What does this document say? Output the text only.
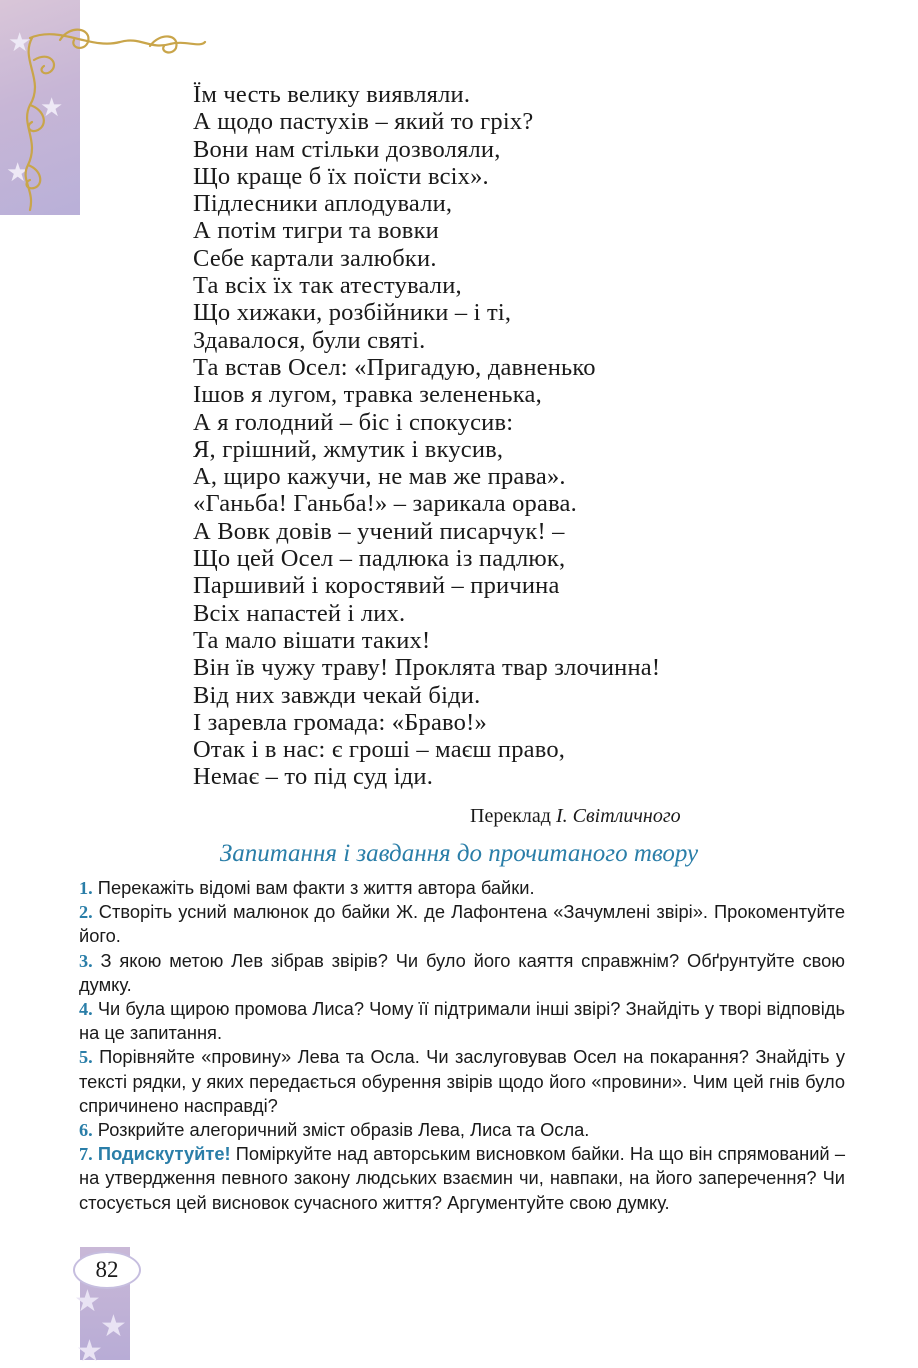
★
★
★
Їм честь велику виявляли.
А щодо пастухів – який то гріх?
Вони нам стільки дозволяли,
Що краще б їх поїсти всіх».
Підлесники аплодували,
А потім тигри та вовки
Себе картали залюбки.
Та всіх їх так атестували,
Що хижаки, розбійники – і ті,
Здавалося, були святі.
Та встав Осел: «Пригадую, давненько
Ішов я лугом, травка зелененька,
А я голодний – біс і спокусив:
Я, грішний, жмутик і вкусив,
А, щиро кажучи, не мав же права».
«Ганьба! Ганьба!» – зарикала орава.
А Вовк довів – учений писарчук! –
Що цей Осел – падлюка із падлюк,
Паршивий і коростявий – причина
Всіх напастей і лих.
Та мало вішати таких!
Він їв чужу траву! Проклята твар злочинна!
Від них завжди чекай біди.
І заревла громада: «Браво!»
Отак і в нас: є гроші – маєш право,
Немає – то під суд іди.
Переклад І. Світличного
Запитання і завдання до прочитаного твору

1. Перекажіть відомі вам факти з життя автора байки.

2. Створіть усний малюнок до байки Ж. де Лафонтена «Зачумлені звірі». Прокоментуйте його.

3. З якою метою Лев зібрав звірів? Чи було його каяття справжнім? Обґрунтуйте свою думку.

4. Чи була щирою промова Лиса? Чому її підтримали інші звірі? Знайдіть у творі відповідь на це запитання.

5. Порівняйте «провину» Лева та Осла. Чи заслуговував Осел на покарання? Знайдіть у тексті рядки, у яких передається обурення звірів щодо його «провини». Чим цей гнів було спричинено насправді?

6. Розкрийте алегоричний зміст образів Лева, Лиса та Осла.

7. Подискутуйте! Поміркуйте над авторським висновком байки. На що він спрямований – на утвердження певного закону людських взаємин чи, навпаки, на його заперечення? Чи стосується цей висновок сучасного життя? Аргументуйте свою думку.

★
★
★
82
